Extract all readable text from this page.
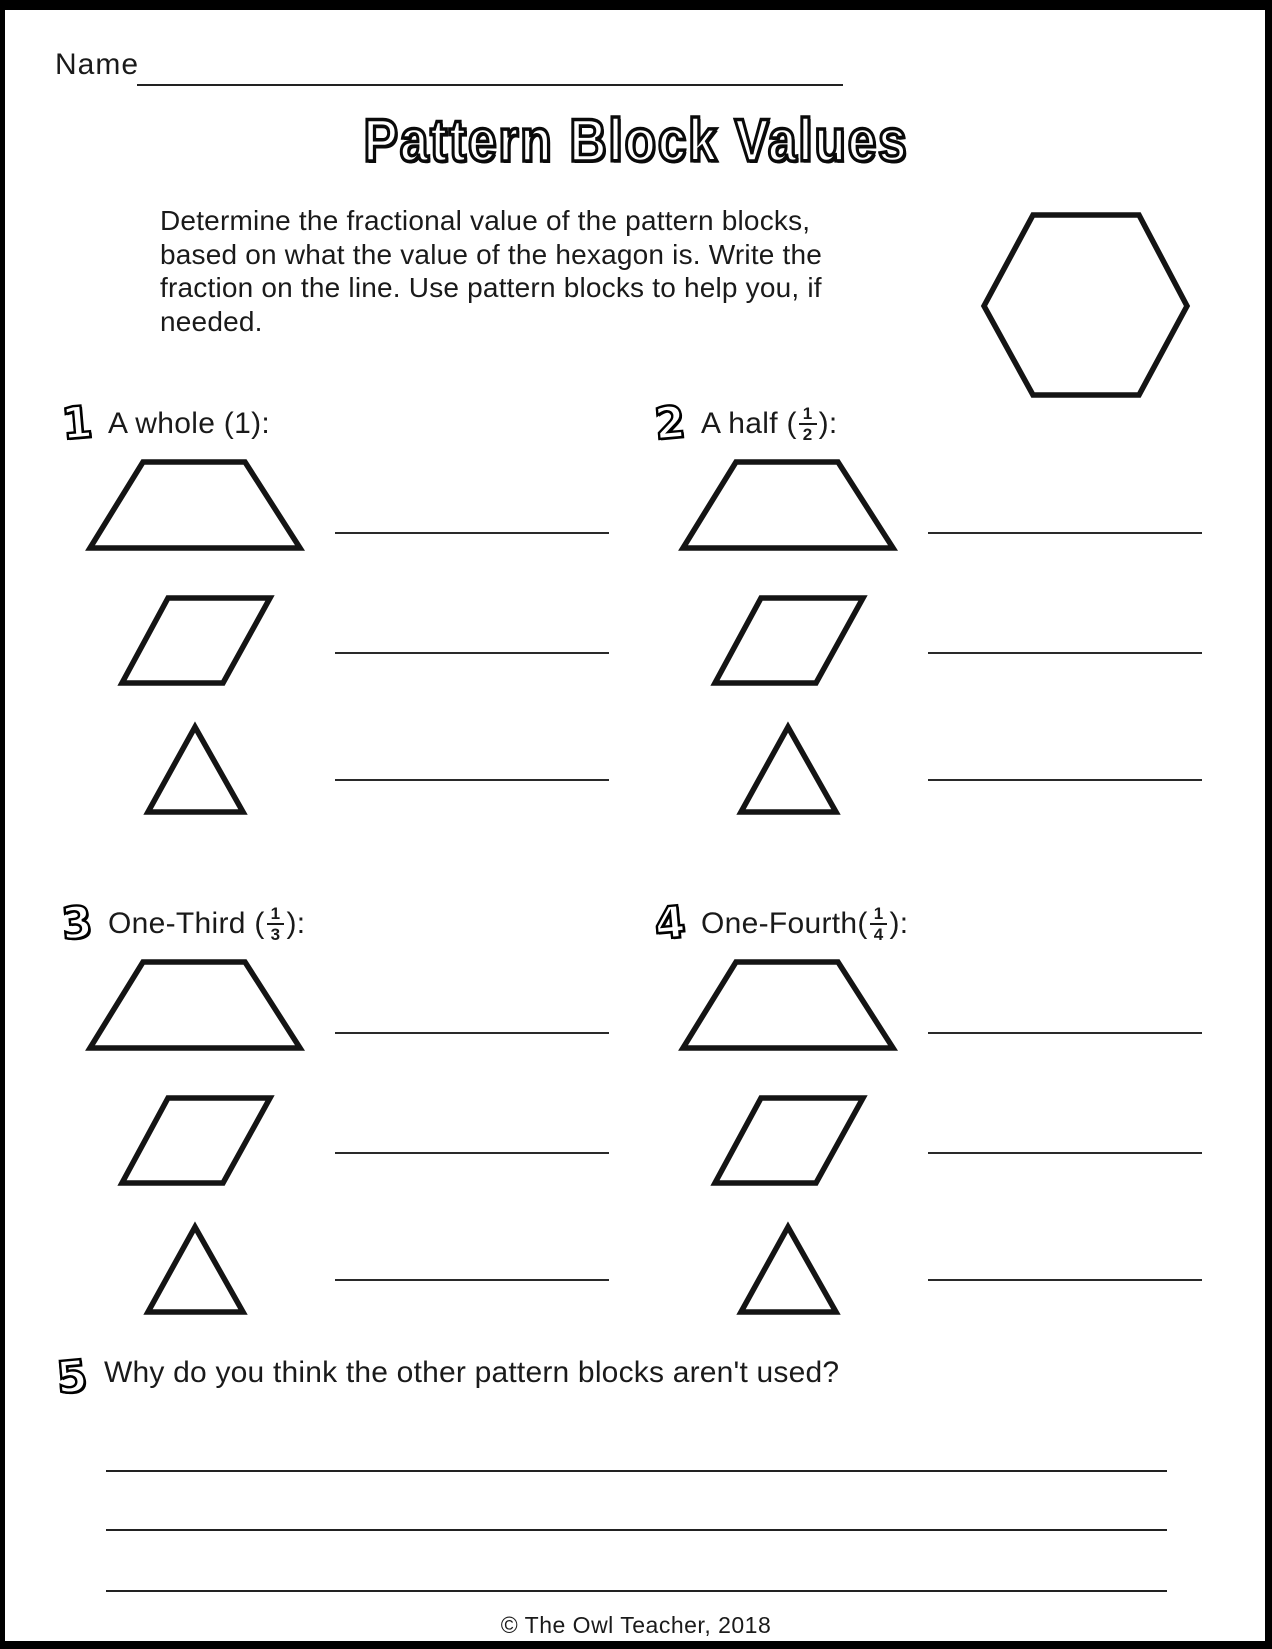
Name
Pattern Block Values
Determine the fractional value of the pattern blocks,
based on what the value of the hexagon is. Write the
fraction on the line. Use pattern blocks to help you, if
needed.
1 A whole (1):	2 A half ( $\frac{1}{2}$ ):
3 One-Third ( $\frac{1}{3}$ ):	4 One-Fourth( $\frac{1}{4}$ ):
5 Why do you think the other pattern blocks aren't used?
© The Owl Teacher, 2018
